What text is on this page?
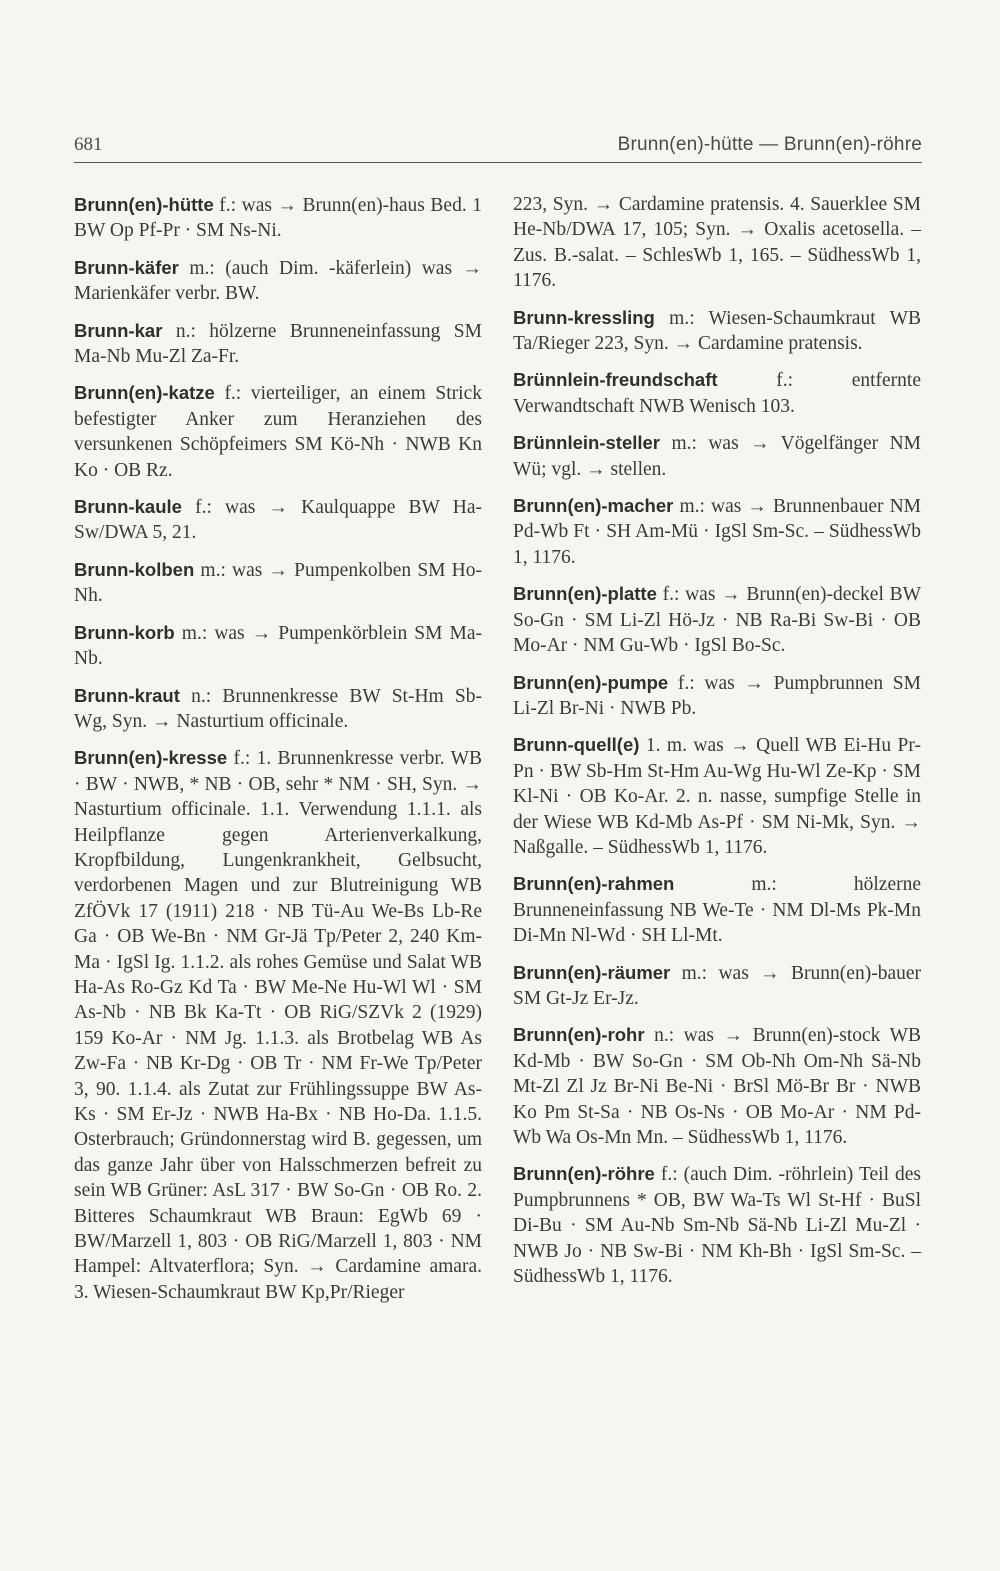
681	Brunn(en)-hütte — Brunn(en)-röhre

Brunn(en)-hütte f.: was → Brunn(en)-haus Bed. 1 BW Op Pf-Pr · SM Ns-Ni.

Brunn-käfer m.: (auch Dim. -käferlein) was → Marienkäfer verbr. BW.

Brunn-kar n.: hölzerne Brunneneinfassung SM Ma-Nb Mu-Zl Za-Fr.

Brunn(en)-katze f.: vierteiliger, an einem Strick befestigter Anker zum Heranziehen des versunkenen Schöpfeimers SM Kö-Nh · NWB Kn Ko · OB Rz.

Brunn-kaule f.: was → Kaulquappe BW Ha-Sw/DWA 5, 21.

Brunn-kolben m.: was → Pumpenkolben SM Ho-Nh.

Brunn-korb m.: was → Pumpenkörblein SM Ma-Nb.

Brunn-kraut n.: Brunnenkresse BW St-Hm Sb-Wg, Syn. → Nasturtium officinale.

Brunn(en)-kresse f.: 1. Brunnenkresse verbr. WB · BW · NWB, * NB · OB, sehr * NM · SH, Syn. → Nasturtium officinale. 1.1. Verwendung 1.1.1. als Heilpflanze gegen Arterienverkalkung, Kropfbildung, Lungenkrankheit, Gelbsucht, verdorbenen Magen und zur Blutreinigung WB ZfÖVk 17 (1911) 218 · NB Tü-Au We-Bs Lb-Re Ga · OB We-Bn · NM Gr-Jä Tp/Peter 2, 240 Km-Ma · IgSl Ig. 1.1.2. als rohes Gemüse und Salat WB Ha-As Ro-Gz Kd Ta · BW Me-Ne Hu-Wl Wl · SM As-Nb · NB Bk Ka-Tt · OB RiG/SZVk 2 (1929) 159 Ko-Ar · NM Jg. 1.1.3. als Brotbelag WB As Zw-Fa · NB Kr-Dg · OB Tr · NM Fr-We Tp/Peter 3, 90. 1.1.4. als Zutat zur Frühlingssuppe BW As-Ks · SM Er-Jz · NWB Ha-Bx · NB Ho-Da. 1.1.5. Osterbrauch; Gründonnerstag wird B. gegessen, um das ganze Jahr über von Halsschmerzen befreit zu sein WB Grüner: AsL 317 · BW So-Gn · OB Ro. 2. Bitteres Schaumkraut WB Braun: EgWb 69 · BW/Marzell 1, 803 · OB RiG/Marzell 1, 803 · NM Hampel: Altvaterflora; Syn. → Cardamine amara. 3. Wiesen-Schaumkraut BW Kp,Pr/Rieger

223, Syn. → Cardamine pratensis. 4. Sauerklee SM He-Nb/DWA 17, 105; Syn. → Oxalis acetosella. – Zus. B.-salat. – SchlesWb 1, 165. – SüdhessWb 1, 1176.

Brunn-kressling m.: Wiesen-Schaumkraut WB Ta/Rieger 223, Syn. → Cardamine pratensis.

Brünnlein-freundschaft f.: entfernte Verwandtschaft NWB Wenisch 103.

Brünnlein-steller m.: was → Vögelfänger NM Wü; vgl. → stellen.

Brunn(en)-macher m.: was → Brunnenbauer NM Pd-Wb Ft · SH Am-Mü · IgSl Sm-Sc. – SüdhessWb 1, 1176.

Brunn(en)-platte f.: was → Brunn(en)-deckel BW So-Gn · SM Li-Zl Hö-Jz · NB Ra-Bi Sw-Bi · OB Mo-Ar · NM Gu-Wb · IgSl Bo-Sc.

Brunn(en)-pumpe f.: was → Pumpbrunnen SM Li-Zl Br-Ni · NWB Pb.

Brunn-quell(e) 1. m. was → Quell WB Ei-Hu Pr-Pn · BW Sb-Hm St-Hm Au-Wg Hu-Wl Ze-Kp · SM Kl-Ni · OB Ko-Ar. 2. n. nasse, sumpfige Stelle in der Wiese WB Kd-Mb As-Pf · SM Ni-Mk, Syn. → Naßgalle. – SüdhessWb 1, 1176.

Brunn(en)-rahmen m.: hölzerne Brunneneinfassung NB We-Te · NM Dl-Ms Pk-Mn Di-Mn Nl-Wd · SH Ll-Mt.

Brunn(en)-räumer m.: was → Brunn(en)-bauer SM Gt-Jz Er-Jz.

Brunn(en)-rohr n.: was → Brunn(en)-stock WB Kd-Mb · BW So-Gn · SM Ob-Nh Om-Nh Sä-Nb Mt-Zl Zl Jz Br-Ni Be-Ni · BrSl Mö-Br Br · NWB Ko Pm St-Sa · NB Os-Ns · OB Mo-Ar · NM Pd-Wb Wa Os-Mn Mn. – SüdhessWb 1, 1176.

Brunn(en)-röhre f.: (auch Dim. -röhrlein) Teil des Pumpbrunnens * OB, BW Wa-Ts Wl St-Hf · BuSl Di-Bu · SM Au-Nb Sm-Nb Sä-Nb Li-Zl Mu-Zl · NWB Jo · NB Sw-Bi · NM Kh-Bh · IgSl Sm-Sc. – SüdhessWb 1, 1176.
